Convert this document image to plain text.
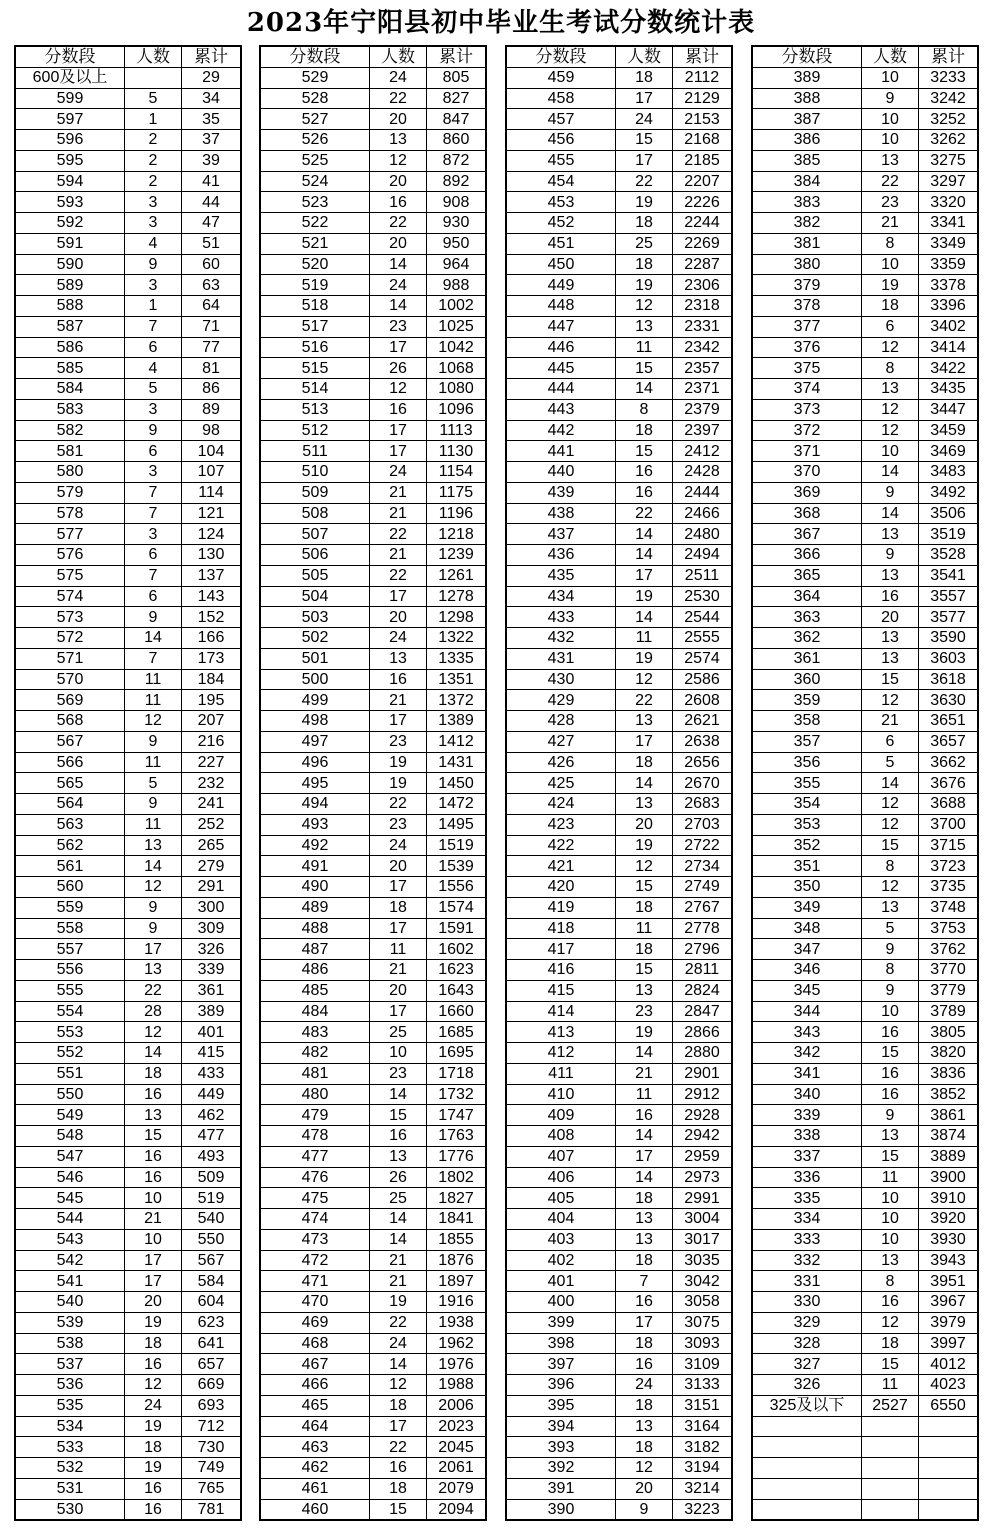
2023年宁阳县初中毕业生考试分数统计表
分数段	人数	累计
600及以上		29
599	5	34
597	1	35
596	2	37
595	2	39
594	2	41
593	3	44
592	3	47
591	4	51
590	9	60
589	3	63
588	1	64
587	7	71
586	6	77
585	4	81
584	5	86
583	3	89
582	9	98
581	6	104
580	3	107
579	7	114
578	7	121
577	3	124
576	6	130
575	7	137
574	6	143
573	9	152
572	14	166
571	7	173
570	11	184
569	11	195
568	12	207
567	9	216
566	11	227
565	5	232
564	9	241
563	11	252
562	13	265
561	14	279
560	12	291
559	9	300
558	9	309
557	17	326
556	13	339
555	22	361
554	28	389
553	12	401
552	14	415
551	18	433
550	16	449
549	13	462
548	15	477
547	16	493
546	16	509
545	10	519
544	21	540
543	10	550
542	17	567
541	17	584
540	20	604
539	19	623
538	18	641
537	16	657
536	12	669
535	24	693
534	19	712
533	18	730
532	19	749
531	16	765
530	16	781
分数段	人数	累计
529	24	805
528	22	827
527	20	847
526	13	860
525	12	872
524	20	892
523	16	908
522	22	930
521	20	950
520	14	964
519	24	988
518	14	1002
517	23	1025
516	17	1042
515	26	1068
514	12	1080
513	16	1096
512	17	1113
511	17	1130
510	24	1154
509	21	1175
508	21	1196
507	22	1218
506	21	1239
505	22	1261
504	17	1278
503	20	1298
502	24	1322
501	13	1335
500	16	1351
499	21	1372
498	17	1389
497	23	1412
496	19	1431
495	19	1450
494	22	1472
493	23	1495
492	24	1519
491	20	1539
490	17	1556
489	18	1574
488	17	1591
487	11	1602
486	21	1623
485	20	1643
484	17	1660
483	25	1685
482	10	1695
481	23	1718
480	14	1732
479	15	1747
478	16	1763
477	13	1776
476	26	1802
475	25	1827
474	14	1841
473	14	1855
472	21	1876
471	21	1897
470	19	1916
469	22	1938
468	24	1962
467	14	1976
466	12	1988
465	18	2006
464	17	2023
463	22	2045
462	16	2061
461	18	2079
460	15	2094
分数段	人数	累计
459	18	2112
458	17	2129
457	24	2153
456	15	2168
455	17	2185
454	22	2207
453	19	2226
452	18	2244
451	25	2269
450	18	2287
449	19	2306
448	12	2318
447	13	2331
446	11	2342
445	15	2357
444	14	2371
443	8	2379
442	18	2397
441	15	2412
440	16	2428
439	16	2444
438	22	2466
437	14	2480
436	14	2494
435	17	2511
434	19	2530
433	14	2544
432	11	2555
431	19	2574
430	12	2586
429	22	2608
428	13	2621
427	17	2638
426	18	2656
425	14	2670
424	13	2683
423	20	2703
422	19	2722
421	12	2734
420	15	2749
419	18	2767
418	11	2778
417	18	2796
416	15	2811
415	13	2824
414	23	2847
413	19	2866
412	14	2880
411	21	2901
410	11	2912
409	16	2928
408	14	2942
407	17	2959
406	14	2973
405	18	2991
404	13	3004
403	13	3017
402	18	3035
401	7	3042
400	16	3058
399	17	3075
398	18	3093
397	16	3109
396	24	3133
395	18	3151
394	13	3164
393	18	3182
392	12	3194
391	20	3214
390	9	3223
分数段	人数	累计
389	10	3233
388	9	3242
387	10	3252
386	10	3262
385	13	3275
384	22	3297
383	23	3320
382	21	3341
381	8	3349
380	10	3359
379	19	3378
378	18	3396
377	6	3402
376	12	3414
375	8	3422
374	13	3435
373	12	3447
372	12	3459
371	10	3469
370	14	3483
369	9	3492
368	14	3506
367	13	3519
366	9	3528
365	13	3541
364	16	3557
363	20	3577
362	13	3590
361	13	3603
360	15	3618
359	12	3630
358	21	3651
357	6	3657
356	5	3662
355	14	3676
354	12	3688
353	12	3700
352	15	3715
351	8	3723
350	12	3735
349	13	3748
348	5	3753
347	9	3762
346	8	3770
345	9	3779
344	10	3789
343	16	3805
342	15	3820
341	16	3836
340	16	3852
339	9	3861
338	13	3874
337	15	3889
336	11	3900
335	10	3910
334	10	3920
333	10	3930
332	13	3943
331	8	3951
330	16	3967
329	12	3979
328	18	3997
327	15	4012
326	11	4023
325及以下	2527	6550
